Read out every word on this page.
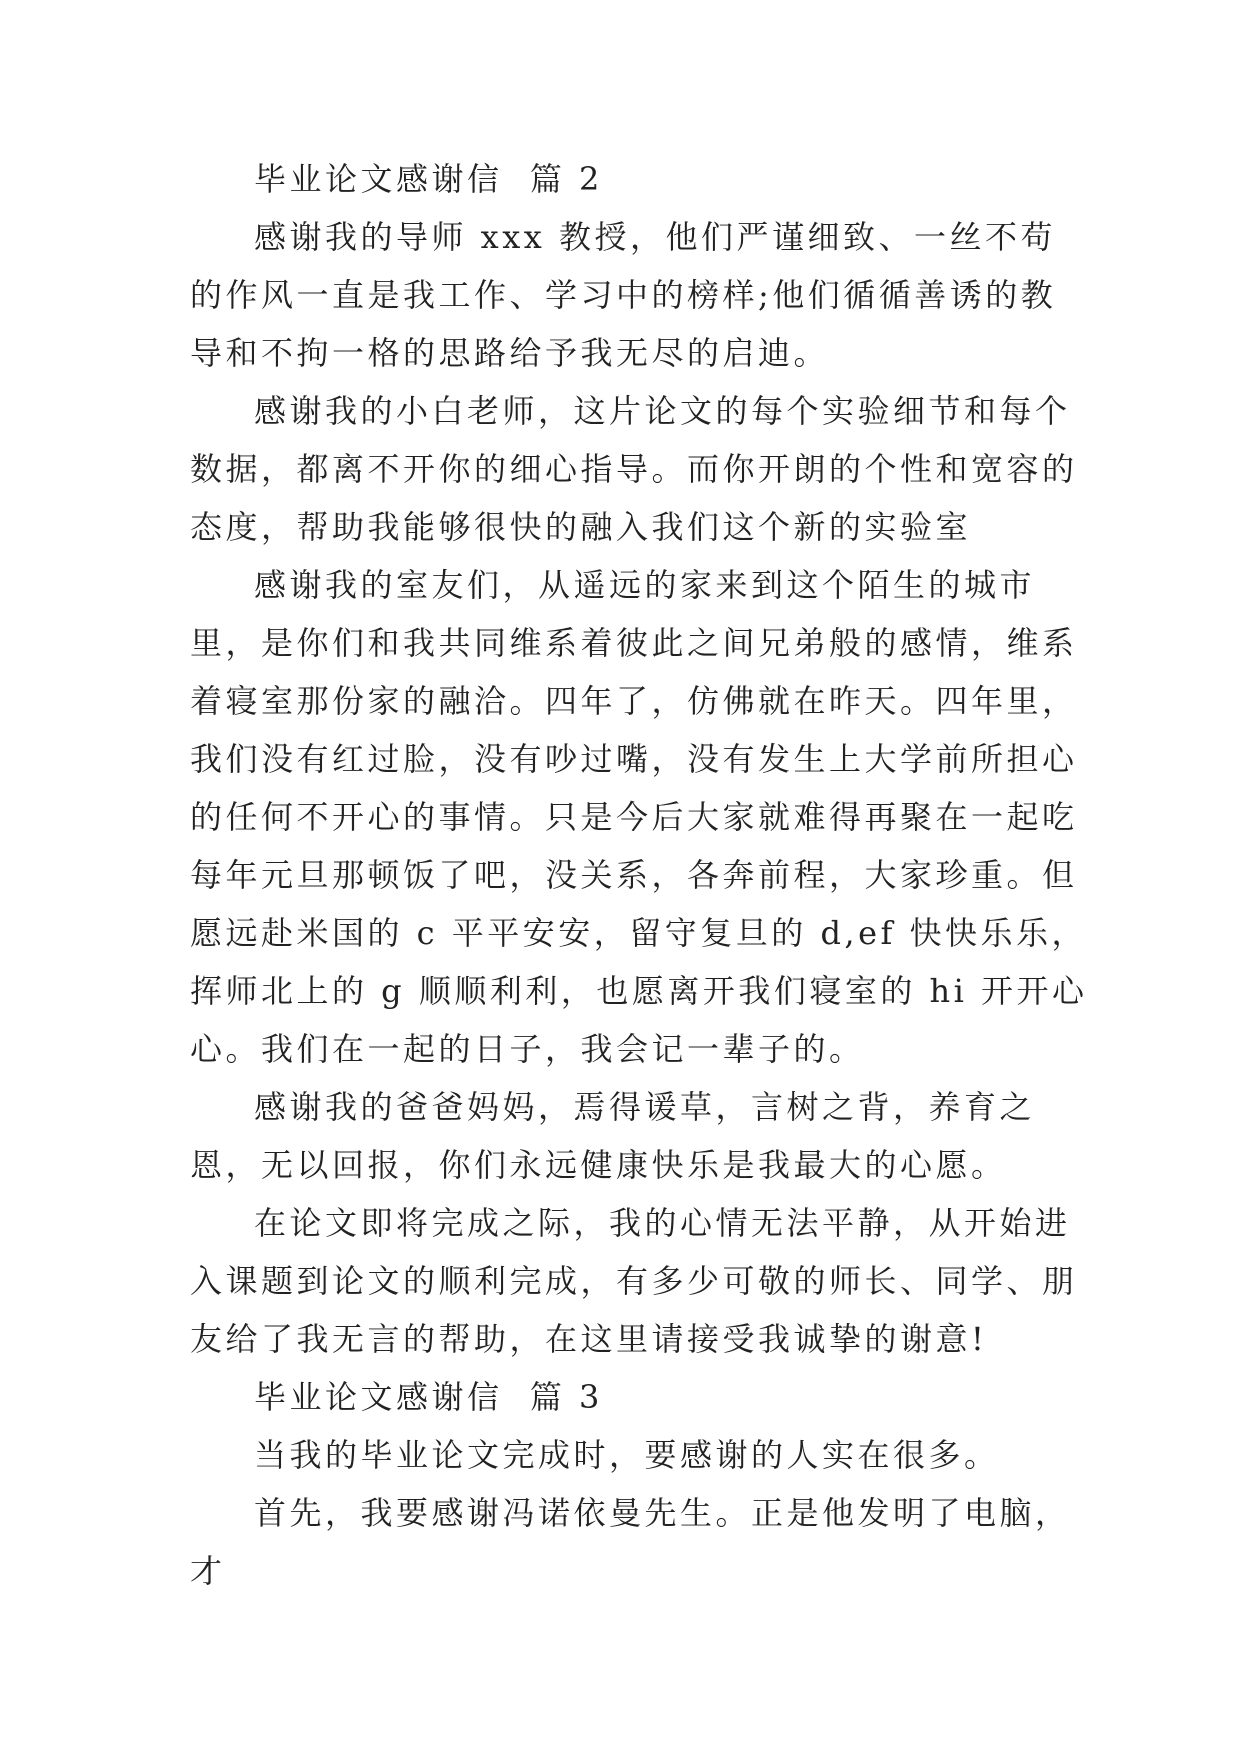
毕业论文感谢信  篇 2

感谢我的导师 xxx 教授，他们严谨细致、一丝不苟的作风一直是我工作、学习中的榜样;他们循循善诱的教导和不拘一格的思路给予我无尽的启迪。

感谢我的小白老师，这片论文的每个实验细节和每个数据，都离不开你的细心指导。而你开朗的个性和宽容的态度，帮助我能够很快的融入我们这个新的实验室

感谢我的室友们，从遥远的家来到这个陌生的城市里，是你们和我共同维系着彼此之间兄弟般的感情，维系着寝室那份家的融洽。四年了，仿佛就在昨天。四年里，我们没有红过脸，没有吵过嘴，没有发生上大学前所担心的任何不开心的事情。只是今后大家就难得再聚在一起吃每年元旦那顿饭了吧，没关系，各奔前程，大家珍重。但愿远赴米国的 c 平平安安，留守复旦的 d,ef 快快乐乐，挥师北上的 g 顺顺利利，也愿离开我们寝室的 hi 开开心心。我们在一起的日子，我会记一辈子的。

感谢我的爸爸妈妈，焉得谖草，言树之背，养育之恩，无以回报，你们永远健康快乐是我最大的心愿。

在论文即将完成之际，我的心情无法平静，从开始进入课题到论文的顺利完成，有多少可敬的师长、同学、朋友给了我无言的帮助，在这里请接受我诚挚的谢意!

毕业论文感谢信  篇 3

当我的毕业论文完成时，要感谢的人实在很多。

首先，我要感谢冯诺依曼先生。正是他发明了电脑，才
